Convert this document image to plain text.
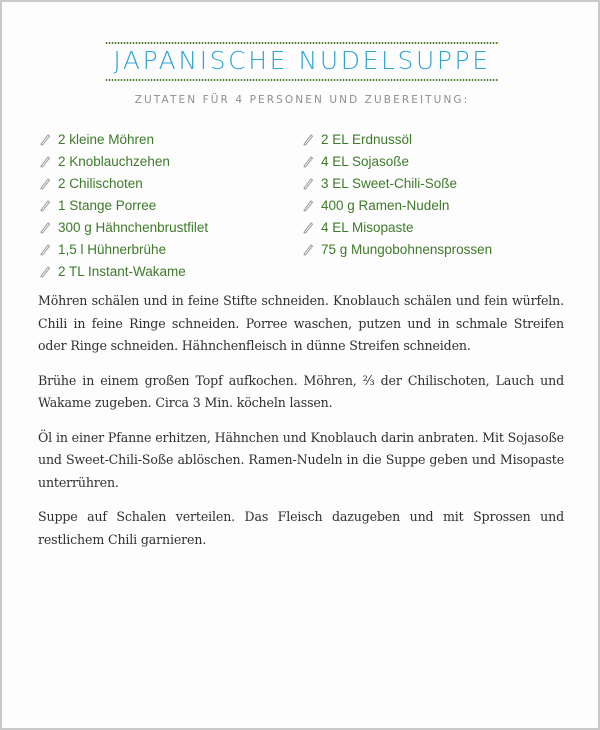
JAPANISCHE NUDELSUPPE
ZUTATEN FÜR 4 PERSONEN UND ZUBEREITUNG:
2 kleine Möhren
2 Knoblauchzehen
2 Chilischoten
1 Stange Porree
300 g Hähnchenbrustfilet
1,5 l Hühnerbrühe
2 TL Instant-Wakame
2 EL Erdnussöl
4 EL Sojasoße
3 EL Sweet-Chili-Soße
400 g Ramen-Nudeln
4 EL Misopaste
75 g Mungobohnensprossen

Möhren schälen und in feine Stifte schneiden. Knoblauch schälen und fein würfeln. Chili in feine Ringe schneiden. Porree waschen, putzen und in schmale Streifen oder Ringe schneiden. Hähnchenfleisch in dünne Streifen schneiden.

Brühe in einem großen Topf aufkochen. Möhren, ²⁄₃ der Chilischoten, Lauch und Wakame zugeben. Circa 3 Min. köcheln lassen.

Öl in einer Pfanne erhitzen, Hähnchen und Knoblauch darin anbraten. Mit Sojasoße und Sweet-Chili-Soße ablöschen. Ramen-Nudeln in die Suppe geben und Misopaste unterrühren.

Suppe auf Schalen verteilen. Das Fleisch dazugeben und mit Sprossen und restlichem Chili garnieren.
